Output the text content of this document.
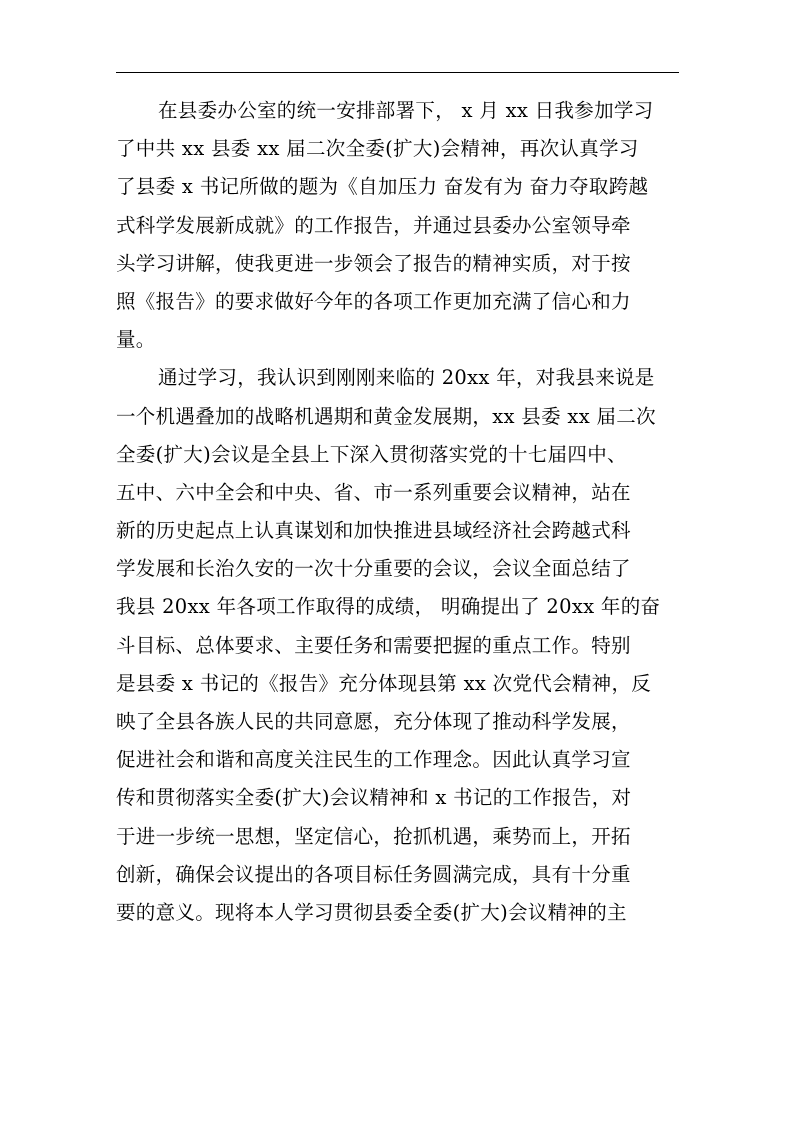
在县委办公室的统一安排部署下， x 月 xx 日我参加学习
了中共 xx 县委 xx 届二次全委(扩大)会精神，再次认真学习
了县委 x 书记所做的题为《自加压力 奋发有为 奋力夺取跨越
式科学发展新成就》的工作报告，并通过县委办公室领导牵
头学习讲解，使我更进一步领会了报告的精神实质，对于按
照《报告》的要求做好今年的各项工作更加充满了信心和力
量。
通过学习，我认识到刚刚来临的 20xx 年，对我县来说是
一个机遇叠加的战略机遇期和黄金发展期，xx 县委 xx 届二次
全委(扩大)会议是全县上下深入贯彻落实党的十七届四中、
五中、六中全会和中央、省、市一系列重要会议精神，站在
新的历史起点上认真谋划和加快推进县域经济社会跨越式科
学发展和长治久安的一次十分重要的会议，会议全面总结了
我县 20xx 年各项工作取得的成绩， 明确提出了 20xx 年的奋
斗目标、总体要求、主要任务和需要把握的重点工作。特别
是县委 x 书记的《报告》充分体现县第 xx 次党代会精神，反
映了全县各族人民的共同意愿，充分体现了推动科学发展，
促进社会和谐和高度关注民生的工作理念。因此认真学习宣
传和贯彻落实全委(扩大)会议精神和 x 书记的工作报告，对
于进一步统一思想，坚定信心，抢抓机遇，乘势而上，开拓
创新，确保会议提出的各项目标任务圆满完成，具有十分重
要的意义。现将本人学习贯彻县委全委(扩大)会议精神的主
